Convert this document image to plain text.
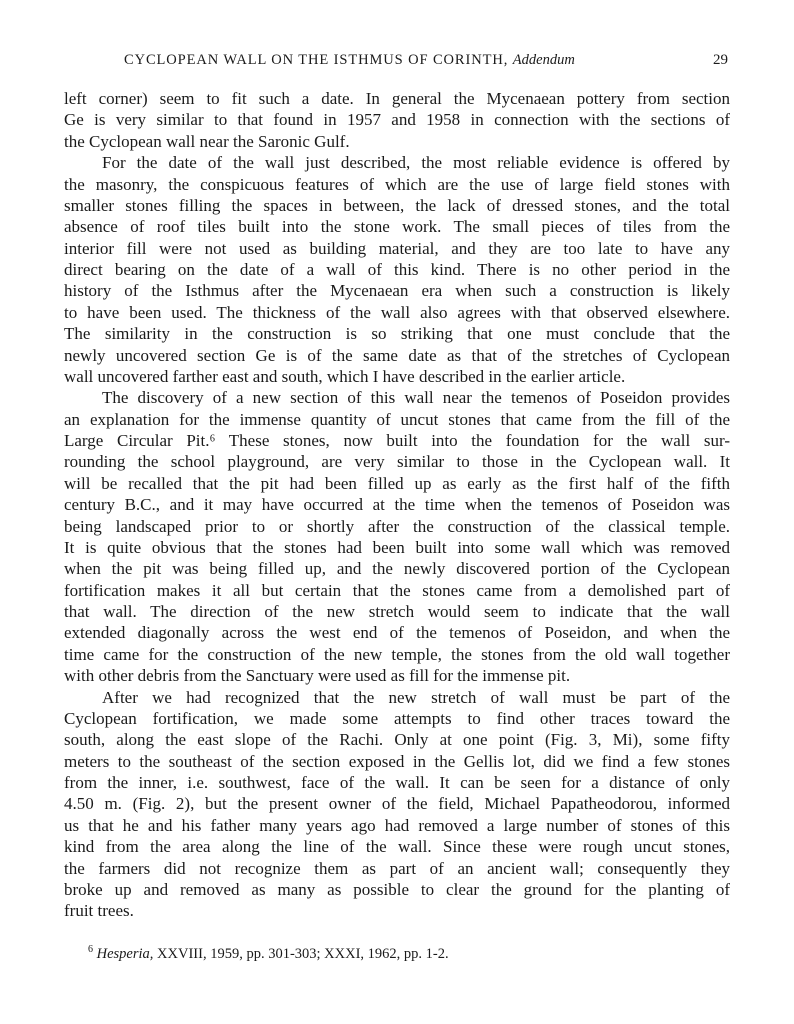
CYCLOPEAN WALL ON THE ISTHMUS OF CORINTH, Addendum	29
left corner) seem to fit such a date. In general the Mycenaean pottery from section
Ge is very similar to that found in 1957 and 1958 in connection with the sections of
the Cyclopean wall near the Saronic Gulf.
For the date of the wall just described, the most reliable evidence is offered by
the masonry, the conspicuous features of which are the use of large field stones with
smaller stones filling the spaces in between, the lack of dressed stones, and the total
absence of roof tiles built into the stone work. The small pieces of tiles from the
interior fill were not used as building material, and they are too late to have any
direct bearing on the date of a wall of this kind. There is no other period in the
history of the Isthmus after the Mycenaean era when such a construction is likely
to have been used. The thickness of the wall also agrees with that observed elsewhere.
The similarity in the construction is so striking that one must conclude that the
newly uncovered section Ge is of the same date as that of the stretches of Cyclopean
wall uncovered farther east and south, which I have described in the earlier article.
The discovery of a new section of this wall near the temenos of Poseidon provides
an explanation for the immense quantity of uncut stones that came from the fill of the
Large Circular Pit.⁶ These stones, now built into the foundation for the wall sur-
rounding the school playground, are very similar to those in the Cyclopean wall. It
will be recalled that the pit had been filled up as early as the first half of the fifth
century B.C., and it may have occurred at the time when the temenos of Poseidon was
being landscaped prior to or shortly after the construction of the classical temple.
It is quite obvious that the stones had been built into some wall which was removed
when the pit was being filled up, and the newly discovered portion of the Cyclopean
fortification makes it all but certain that the stones came from a demolished part of
that wall. The direction of the new stretch would seem to indicate that the wall
extended diagonally across the west end of the temenos of Poseidon, and when the
time came for the construction of the new temple, the stones from the old wall together
with other debris from the Sanctuary were used as fill for the immense pit.
After we had recognized that the new stretch of wall must be part of the
Cyclopean fortification, we made some attempts to find other traces toward the
south, along the east slope of the Rachi. Only at one point (Fig. 3, Mi), some fifty
meters to the southeast of the section exposed in the Gellis lot, did we find a few stones
from the inner, i.e. southwest, face of the wall. It can be seen for a distance of only
4.50 m. (Fig. 2), but the present owner of the field, Michael Papatheodorou, informed
us that he and his father many years ago had removed a large number of stones of this
kind from the area along the line of the wall. Since these were rough uncut stones,
the farmers did not recognize them as part of an ancient wall; consequently they
broke up and removed as many as possible to clear the ground for the planting of
fruit trees.
$^6$ Hesperia, XXVIII, 1959, pp. 301-303; XXXI, 1962, pp. 1-2.
